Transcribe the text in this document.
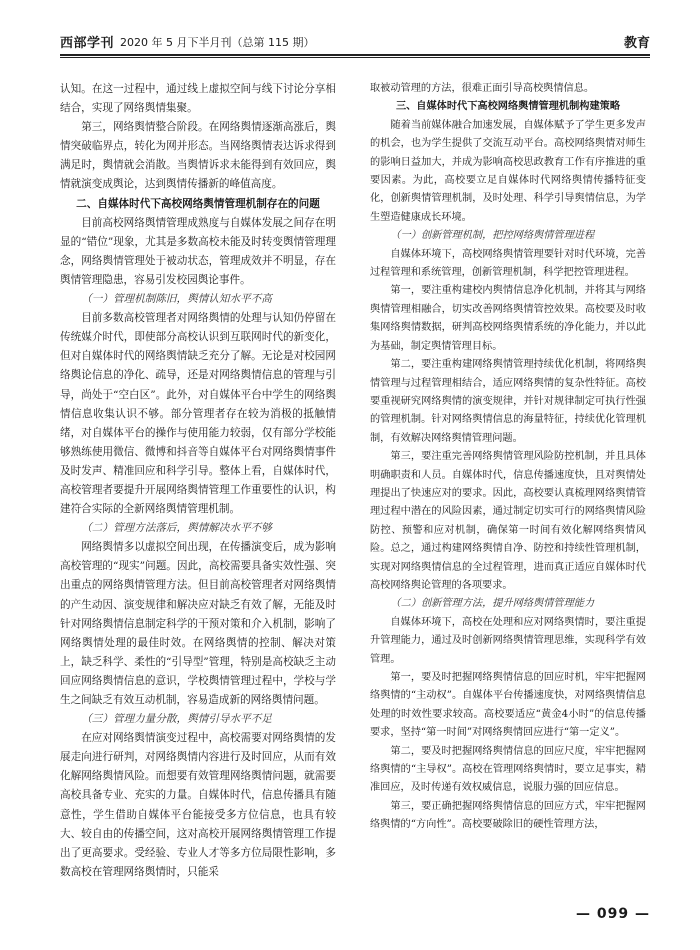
西部学刊 2020 年 5 月下半月刊（总第 115 期）	教育

认知。在这一过程中，通过线上虚拟空间与线下讨论分享相结合，实现了网络舆情集聚。

第三，网络舆情整合阶段。在网络舆情逐渐高涨后，舆情突破临界点，转化为网并形态。当网络舆情表达诉求得到满足时，舆情就会消散。当舆情诉求未能得到有效回应，舆情就演变成舆论，达到舆情传播新的峰值高度。

二、自媒体时代下高校网络舆情管理机制存在的问题

目前高校网络舆情管理成熟度与自媒体发展之间存在明显的“错位”现象，尤其是多数高校未能及时转变舆情管理理念，网络舆情管理处于被动状态，管理成效并不明显，存在舆情管理隐患，容易引发校园舆论事件。

（一）管理机制陈旧，舆情认知水平不高

目前多数高校管理者对网络舆情的处理与认知仍停留在传统媒介时代，即使部分高校认识到互联网时代的新变化，但对自媒体时代的网络舆情缺乏充分了解。无论是对校园网络舆论信息的净化、疏导，还是对网络舆情信息的管理与引导，尚处于“空白区”。此外，对自媒体平台中学生的网络舆情信息收集认识不够。部分管理者存在较为消极的抵触情绪，对自媒体平台的操作与使用能力较弱，仅有部分学校能够熟练使用微信、微博和抖音等自媒体平台对网络舆情事件及时发声、精准回应和科学引导。整体上看，自媒体时代，高校管理者要提升开展网络舆情管理工作重要性的认识，构建符合实际的全新网络舆情管理机制。

（二）管理方法落后，舆情解决水平不够

网络舆情多以虚拟空间出现，在传播演变后，成为影响高校管理的“现实”问题。因此，高校需要具备实效性强、突出重点的网络舆情管理方法。但目前高校管理者对网络舆情的产生动因、演变规律和解决应对缺乏有效了解，无能及时针对网络舆情信息制定科学的干预对策和介入机制，影响了网络舆情处理的最佳时效。在网络舆情的控制、解决对策上，缺乏科学、柔性的“引导型”管理，特别是高校缺乏主动回应网络舆情信息的意识，学校舆情管理过程中，学校与学生之间缺乏有效互动机制，容易造成新的网络舆情问题。

（三）管理力量分散，舆情引导水平不足

在应对网络舆情演变过程中，高校需要对网络舆情的发展走向进行研判，对网络舆情内容进行及时回应，从而有效化解网络舆情风险。而想要有效管理网络舆情问题，就需要高校具备专业、充实的力量。自媒体时代，信息传播具有随意性，学生借助自媒体平台能接受多方位信息，也具有较大、较自由的传播空间，这对高校开展网络舆情管理工作提出了更高要求。受经验、专业人才等多方位局限性影响，多数高校在管理网络舆情时，只能采

取被动管理的方法，很难正面引导高校舆情信息。

三、自媒体时代下高校网络舆情管理机制构建策略

随着当前媒体融合加速发展，自媒体赋予了学生更多发声的机会，也为学生提供了交流互动平台。高校网络舆情对师生的影响日益加大，并成为影响高校思政教育工作有序推进的重要因素。为此，高校要立足自媒体时代网络舆情传播特征变化，创新舆情管理机制，及时处理、科学引导舆情信息，为学生塑造健康成长环境。

（一）创新管理机制，把控网络舆情管理进程

自媒体环境下，高校网络舆情管理要针对时代环境，完善过程管理和系统管理，创新管理机制，科学把控管理进程。

第一，要注重构建校内舆情信息净化机制，并将其与网络舆情管理相融合，切实改善网络舆情管控效果。高校要及时收集网络舆情数据，研判高校网络舆情系统的净化能力，并以此为基础，制定舆情管理目标。

第二，要注重构建网络舆情管理持续优化机制，将网络舆情管理与过程管理相结合，适应网络舆情的复杂性特征。高校要重视研究网络舆情的演变规律，并针对规律制定可执行性强的管理机制。针对网络舆情信息的海量特征，持续优化管理机制，有效解决网络舆情管理问题。

第三，要注重完善网络舆情管理风险防控机制，并且具体明确职责和人员。自媒体时代，信息传播速度快，且对舆情处理提出了快速应对的要求。因此，高校要认真梳理网络舆情管理过程中潜在的风险因素，通过制定切实可行的网络舆情风险防控、预警和应对机制，确保第一时间有效化解网络舆情风险。总之，通过构建网络舆情自净、防控和持续性管理机制，实现对网络舆情信息的全过程管理，进而真正适应自媒体时代高校网络舆论管理的各项要求。

（二）创新管理方法，提升网络舆情管理能力

自媒体环境下，高校在处理和应对网络舆情时，要注重提升管理能力，通过及时创新网络舆情管理思维，实现科学有效管理。

第一，要及时把握网络舆情信息的回应时机，牢牢把握网络舆情的“主动权”。自媒体平台传播速度快，对网络舆情信息处理的时效性要求较高。高校要适应“黄金4小时”的信息传播要求，坚持“第一时间”对网络舆情回应进行“第一定义”。

第二，要及时把握网络舆情信息的回应尺度，牢牢把握网络舆情的“主导权”。高校在管理网络舆情时，要立足事实，精准回应，及时传递有效权威信息，说服力强的回应信息。

第三，要正确把握网络舆情信息的回应方式，牢牢把握网络舆情的“方向性”。高校要破除旧的硬性管理方法，

— 099 —
